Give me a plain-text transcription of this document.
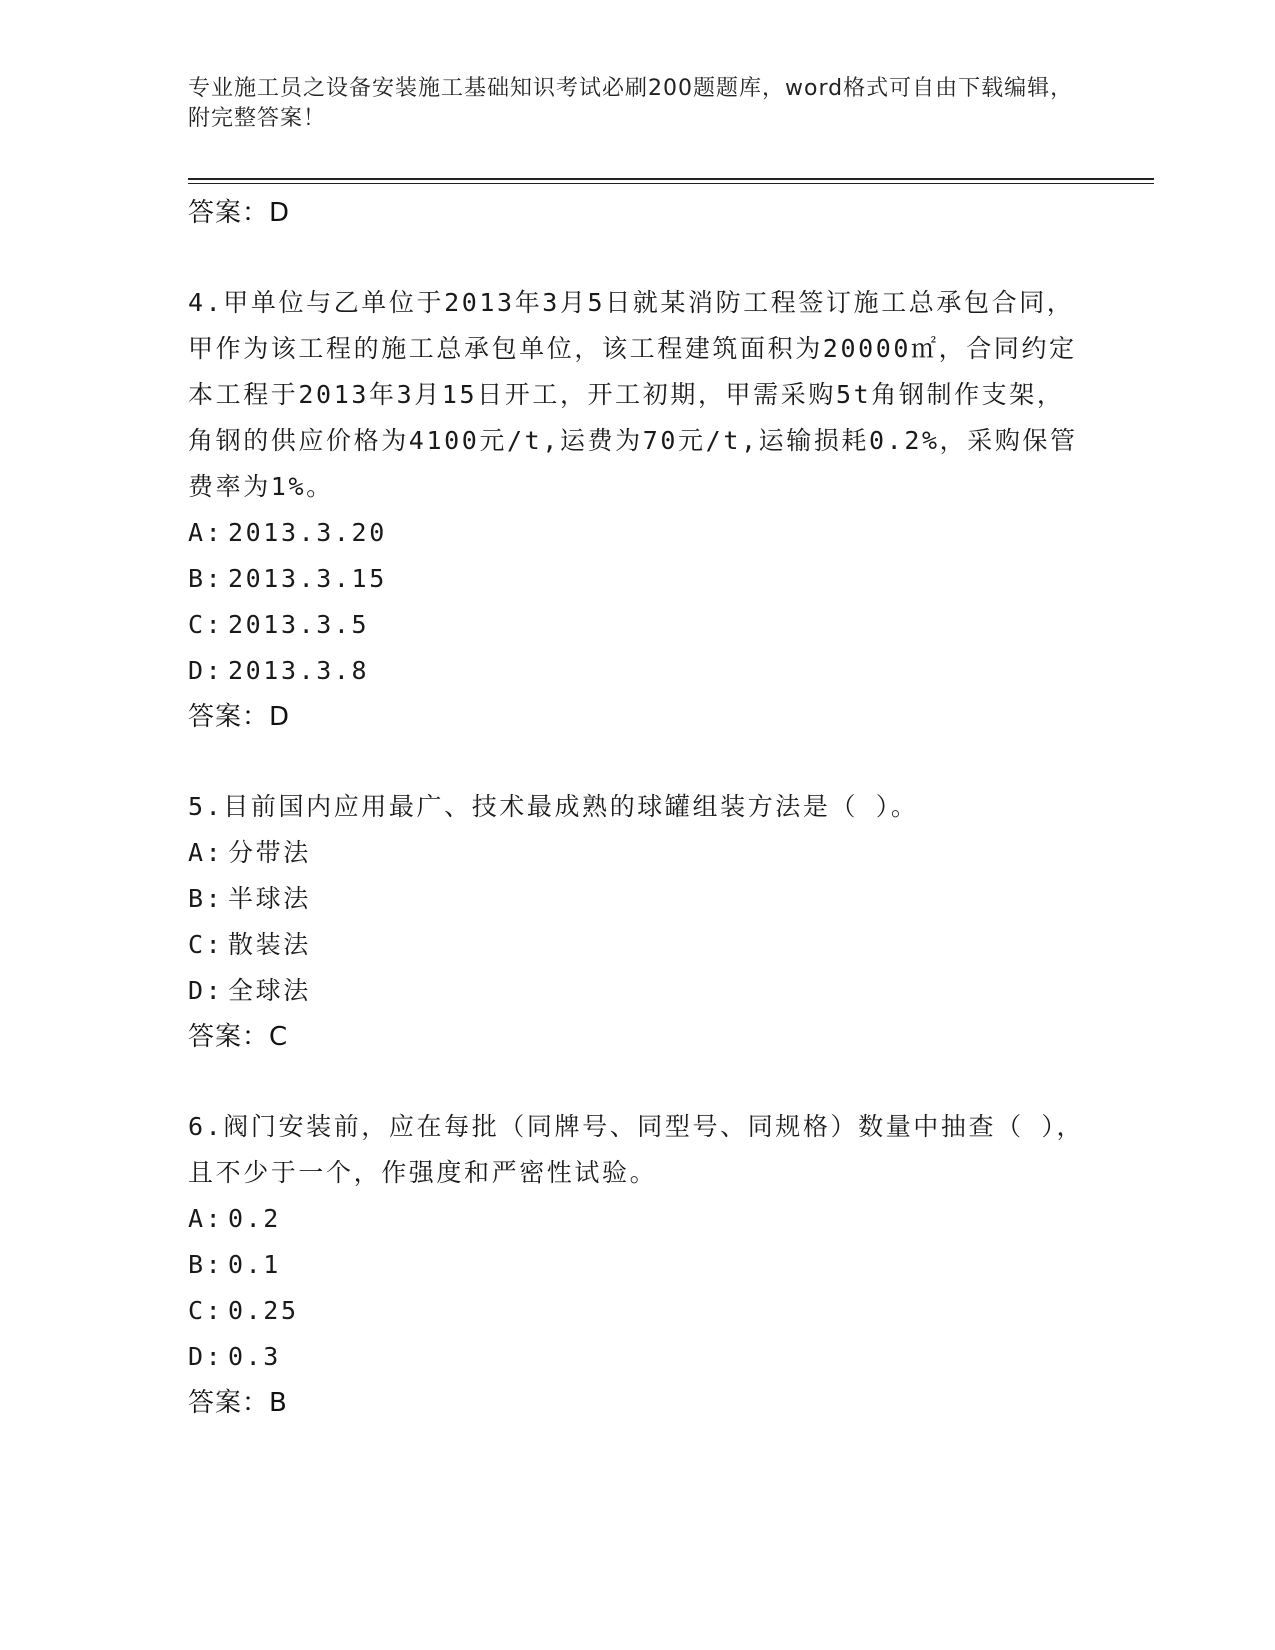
专业施工员之设备安装施工基础知识考试必刷200题题库，word格式可自由下载编辑，附完整答案！
答案：D
4.甲单位与乙单位于2013年3月5日就某消防工程签订施工总承包合同，甲作为该工程的施工总承包单位，该工程建筑面积为20000㎡，合同约定本工程于2013年3月15日开工，开工初期，甲需采购5t角钢制作支架，角钢的供应价格为4100元/t,运费为70元/t,运输损耗0.2%，采购保管费率为1%。
A: 2013.3.20
B: 2013.3.15
C: 2013.3.5
D: 2013.3.8
答案：D
5.目前国内应用最广、技术最成熟的球罐组装方法是（ ）。
A: 分带法
B: 半球法
C: 散装法
D: 全球法
答案：C
6.阀门安装前，应在每批（同牌号、同型号、同规格）数量中抽查（ ），且不少于一个，作强度和严密性试验。
A: 0.2
B: 0.1
C: 0.25
D: 0.3
答案：B
